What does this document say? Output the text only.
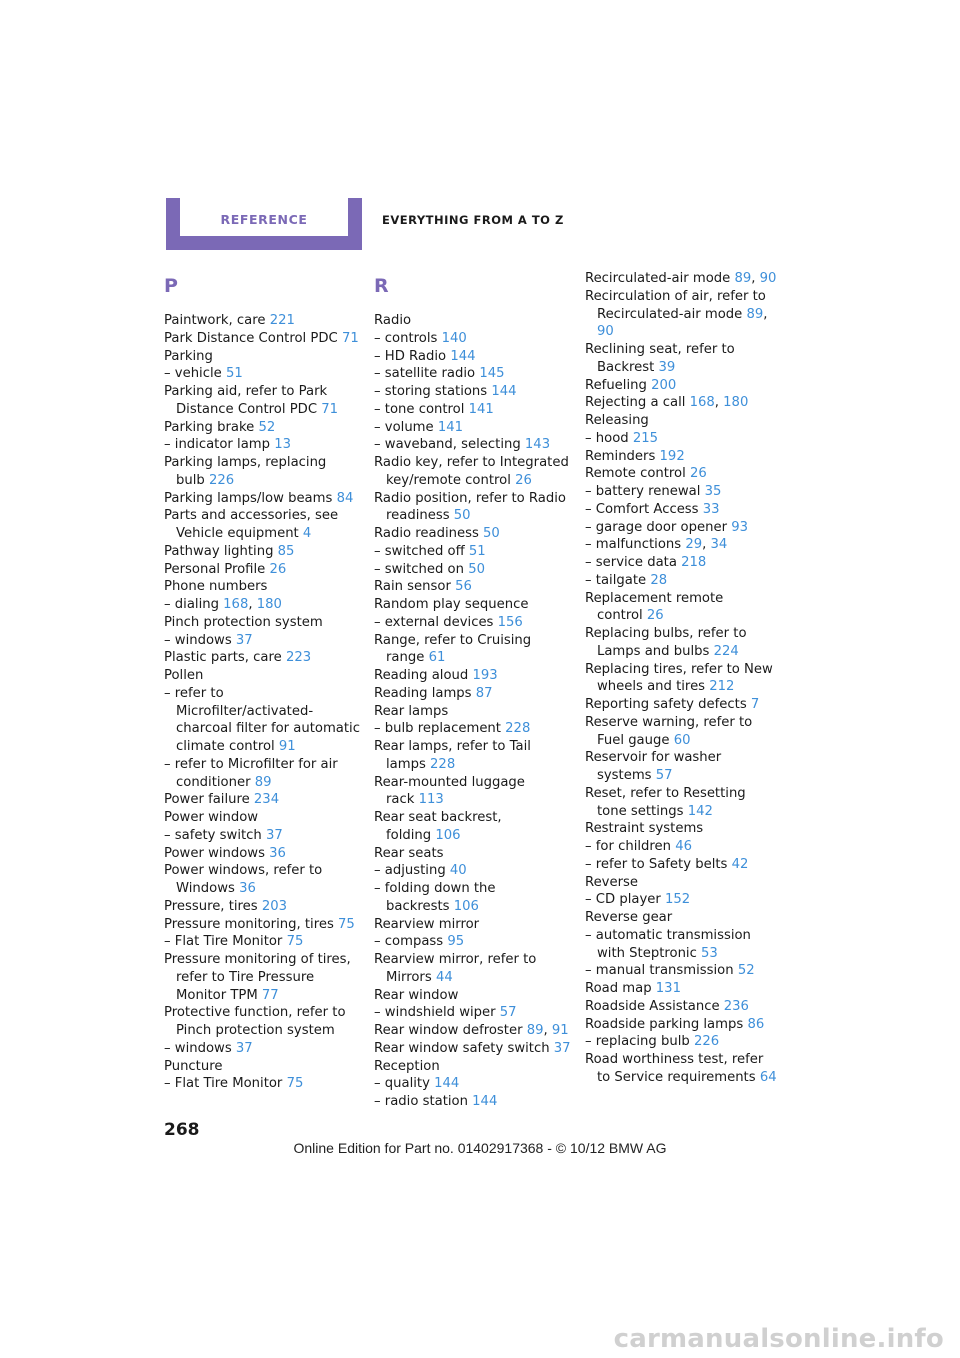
REFERENCE	EVERYTHING FROM A TO Z
P
Paintwork, care 221
Park Distance Control PDC 71
Parking
– vehicle 51
Parking aid, refer to Park Distance Control PDC 71
Parking brake 52
– indicator lamp 13
Parking lamps, replacing bulb 226
Parking lamps/low beams 84
Parts and accessories, see Vehicle equipment 4
Pathway lighting 85
Personal Profile 26
Phone numbers
– dialing 168, 180
Pinch protection system
– windows 37
Plastic parts, care 223
Pollen
– refer to Microfilter/activated-charcoal filter for automatic climate control 91
– refer to Microfilter for air conditioner 89
Power failure 234
Power window
– safety switch 37
Power windows 36
Power windows, refer to Windows 36
Pressure, tires 203
Pressure monitoring, tires 75
– Flat Tire Monitor 75
Pressure monitoring of tires, refer to Tire Pressure Monitor TPM 77
Protective function, refer to Pinch protection system
– windows 37
Puncture
– Flat Tire Monitor 75
R
Radio
– controls 140
– HD Radio 144
– satellite radio 145
– storing stations 144
– tone control 141
– volume 141
– waveband, selecting 143
Radio key, refer to Integrated key/remote control 26
Radio position, refer to Radio readiness 50
Radio readiness 50
– switched off 51
– switched on 50
Rain sensor 56
Random play sequence
– external devices 156
Range, refer to Cruising range 61
Reading aloud 193
Reading lamps 87
Rear lamps
– bulb replacement 228
Rear lamps, refer to Tail lamps 228
Rear-mounted luggage rack 113
Rear seat backrest, folding 106
Rear seats
– adjusting 40
– folding down the backrests 106
Rearview mirror
– compass 95
Rearview mirror, refer to Mirrors 44
Rear window
– windshield wiper 57
Rear window defroster 89, 91
Rear window safety switch 37
Reception
– quality 144
– radio station 144
Recirculated-air mode 89, 90
Recirculation of air, refer to Recirculated-air mode 89, 90
Reclining seat, refer to Backrest 39
Refueling 200
Rejecting a call 168, 180
Releasing
– hood 215
Reminders 192
Remote control 26
– battery renewal 35
– Comfort Access 33
– garage door opener 93
– malfunctions 29, 34
– service data 218
– tailgate 28
Replacement remote control 26
Replacing bulbs, refer to Lamps and bulbs 224
Replacing tires, refer to New wheels and tires 212
Reporting safety defects 7
Reserve warning, refer to Fuel gauge 60
Reservoir for washer systems 57
Reset, refer to Resetting tone settings 142
Restraint systems
– for children 46
– refer to Safety belts 42
Reverse
– CD player 152
Reverse gear
– automatic transmission with Steptronic 53
– manual transmission 52
Road map 131
Roadside Assistance 236
Roadside parking lamps 86
– replacing bulb 226
Road worthiness test, refer to Service requirements 64
268
Online Edition for Part no. 01402917368 - © 10/12 BMW AG
carmanualsonline.info
